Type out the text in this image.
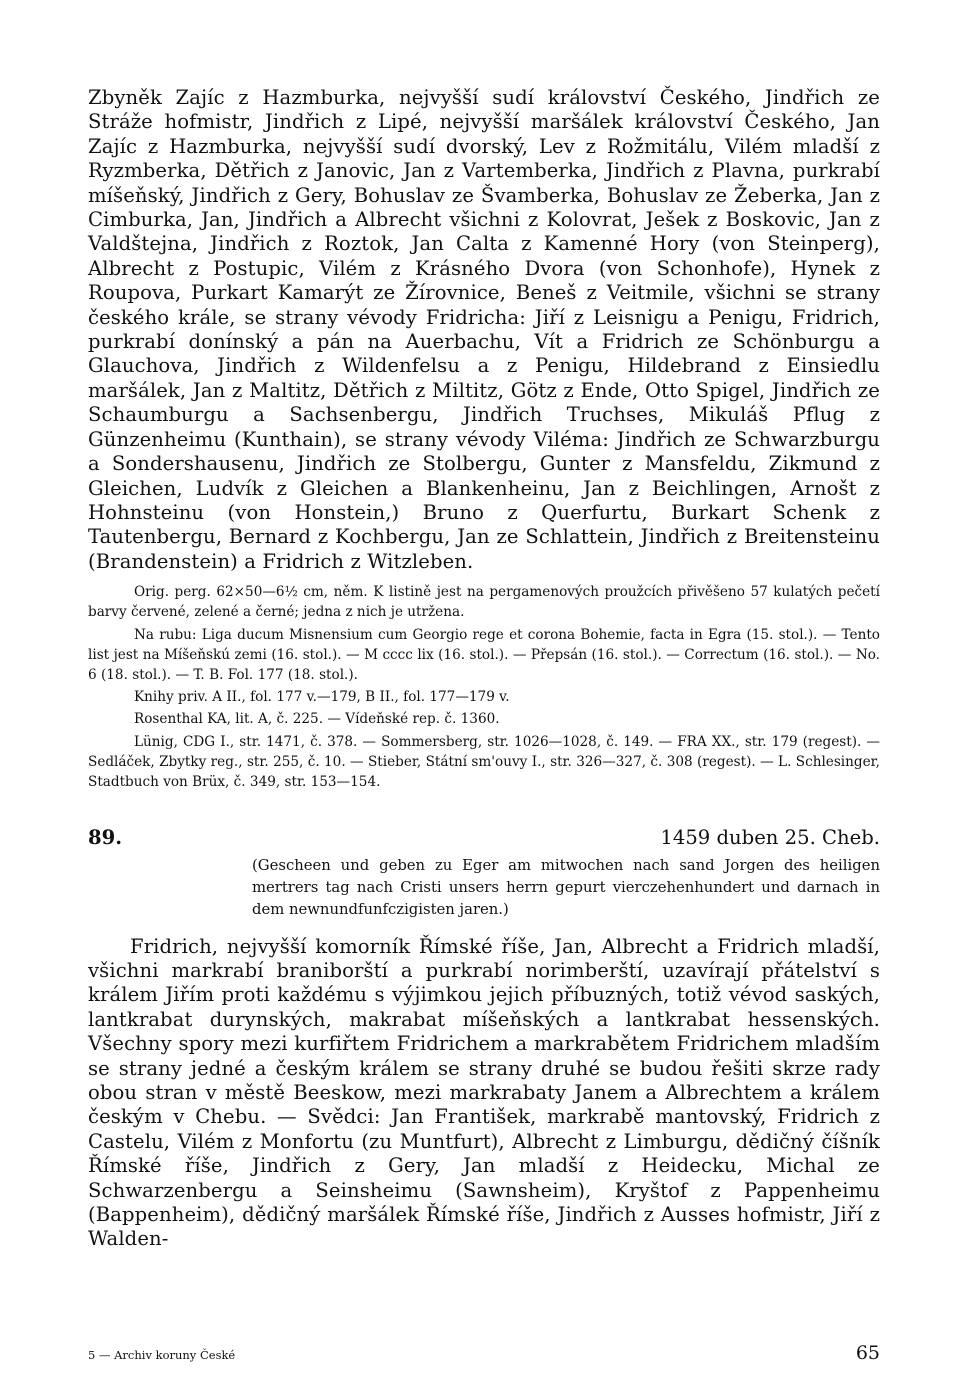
Zbyněk Zajíc z Hazmburka, nejvyšší sudí království Českého, Jindřich ze Stráže hofmistr, Jindřich z Lipé, nejvyšší maršálek království Českého, Jan Zajíc z Hazmburka, nejvyšší sudí dvorský, Lev z Rožmitálu, Vilém mladší z Ryzmberka, Dětřich z Janovic, Jan z Vartemberka, Jindřich z Plavna, purkrabí míšeňský, Jindřich z Gery, Bohuslav ze Švamberka, Bohuslav ze Žeberka, Jan z Cimburka, Jan, Jindřich a Albrecht všichni z Kolovrat, Ješek z Boskovic, Jan z Valdštejna, Jindřich z Roztok, Jan Calta z Kamenné Hory (von Steinperg), Albrecht z Postupic, Vilém z Krásného Dvora (von Schonhofe), Hynek z Roupova, Purkart Kamarýt ze Žírovnice, Beneš z Veitmile, všichni se strany českého krále, se strany vévody Fridricha: Jiří z Leisnigu a Penigu, Fridrich, purkrabí donínský a pán na Auerbachu, Vít a Fridrich ze Schönburgu a Glauchova, Jindřich z Wildenfelsu a z Penigu, Hildebrand z Einsiedlu maršálek, Jan z Maltitz, Dětřich z Miltitz, Götz z Ende, Otto Spigel, Jindřich ze Schaumburgu a Sachsenbergu, Jindřich Truchses, Mikuláš Pflug z Günzenheimu (Kunthain), se strany vévody Viléma: Jindřich ze Schwarzburgu a Sondershausenu, Jindřich ze Stolbergu, Gunter z Mansfeldu, Zikmund z Gleichen, Ludvík z Gleichen a Blankenheinu, Jan z Beichlingen, Arnošt z Hohnsteinu (von Honstein,) Bruno z Querfurtu, Burkart Schenk z Tautenbergu, Bernard z Kochbergu, Jan ze Schlattein, Jindřich z Breitensteinu (Brandenstein) a Fridrich z Witzleben.

Orig. perg. 62×50—6½ cm, něm. K listině jest na pergamenových proužcích přivěšeno 57 kulatých pečetí barvy červené, zelené a černé; jedna z nich je utržena.

Na rubu: Liga ducum Misnensium cum Georgio rege et corona Bohemie, facta in Egra (15. stol.). — Tento list jest na Míšeňskú zemi (16. stol.). — M cccc lix (16. stol.). — Přepsán (16. stol.). — Correctum (16. stol.). — No. 6 (18. stol.). — T. B. Fol. 177 (18. stol.).

Knihy priv. A II., fol. 177 v.—179, B II., fol. 177—179 v.

Rosenthal KA, lit. A, č. 225. — Vídeňské rep. č. 1360.

Lünig, CDG I., str. 1471, č. 378. — Sommersberg, str. 1026—1028, č. 149. — FRA XX., str. 179 (regest). — Sedláček, Zbytky reg., str. 255, č. 10. — Stieber, Státní sm'ouvy I., str. 326—327, č. 308 (regest). — L. Schlesinger, Stadtbuch von Brüx, č. 349, str. 153—154.

89.	1459 duben 25. Cheb.

(Gescheen und geben zu Eger am mitwochen nach sand Jorgen des heiligen mertrers tag nach Cristi unsers herrn gepurt vierczehenhundert und darnach in dem newnundfunfczigisten jaren.)

Fridrich, nejvyšší komorník Římské říše, Jan, Albrecht a Fridrich mladší, všichni markrabí braniborští a purkrabí norimberští, uzavírají přátelství s králem Jiřím proti každému s výjimkou jejich příbuzných, totiž vévod saských, lantkrabat durynských, makrabat míšeňských a lantkrabat hessenských. Všechny spory mezi kurfiřtem Fridrichem a markrabětem Fridrichem mladším se strany jedné a českým králem se strany druhé se budou řešiti skrze rady obou stran v městě Beeskow, mezi markrabaty Janem a Albrechtem a králem českým v Chebu. — Svědci: Jan František, markrabě mantovský, Fridrich z Castelu, Vilém z Monfortu (zu Muntfurt), Albrecht z Limburgu, dědičný číšník Římské říše, Jindřich z Gery, Jan mladší z Heidecku, Michal ze Schwarzenbergu a Seinsheimu (Sawnsheim), Kryštof z Pappenheimu (Bappenheim), dědičný maršálek Římské říše, Jindřich z Ausses hofmistr, Jiří z Walden-

5 — Archiv koruny České	65
